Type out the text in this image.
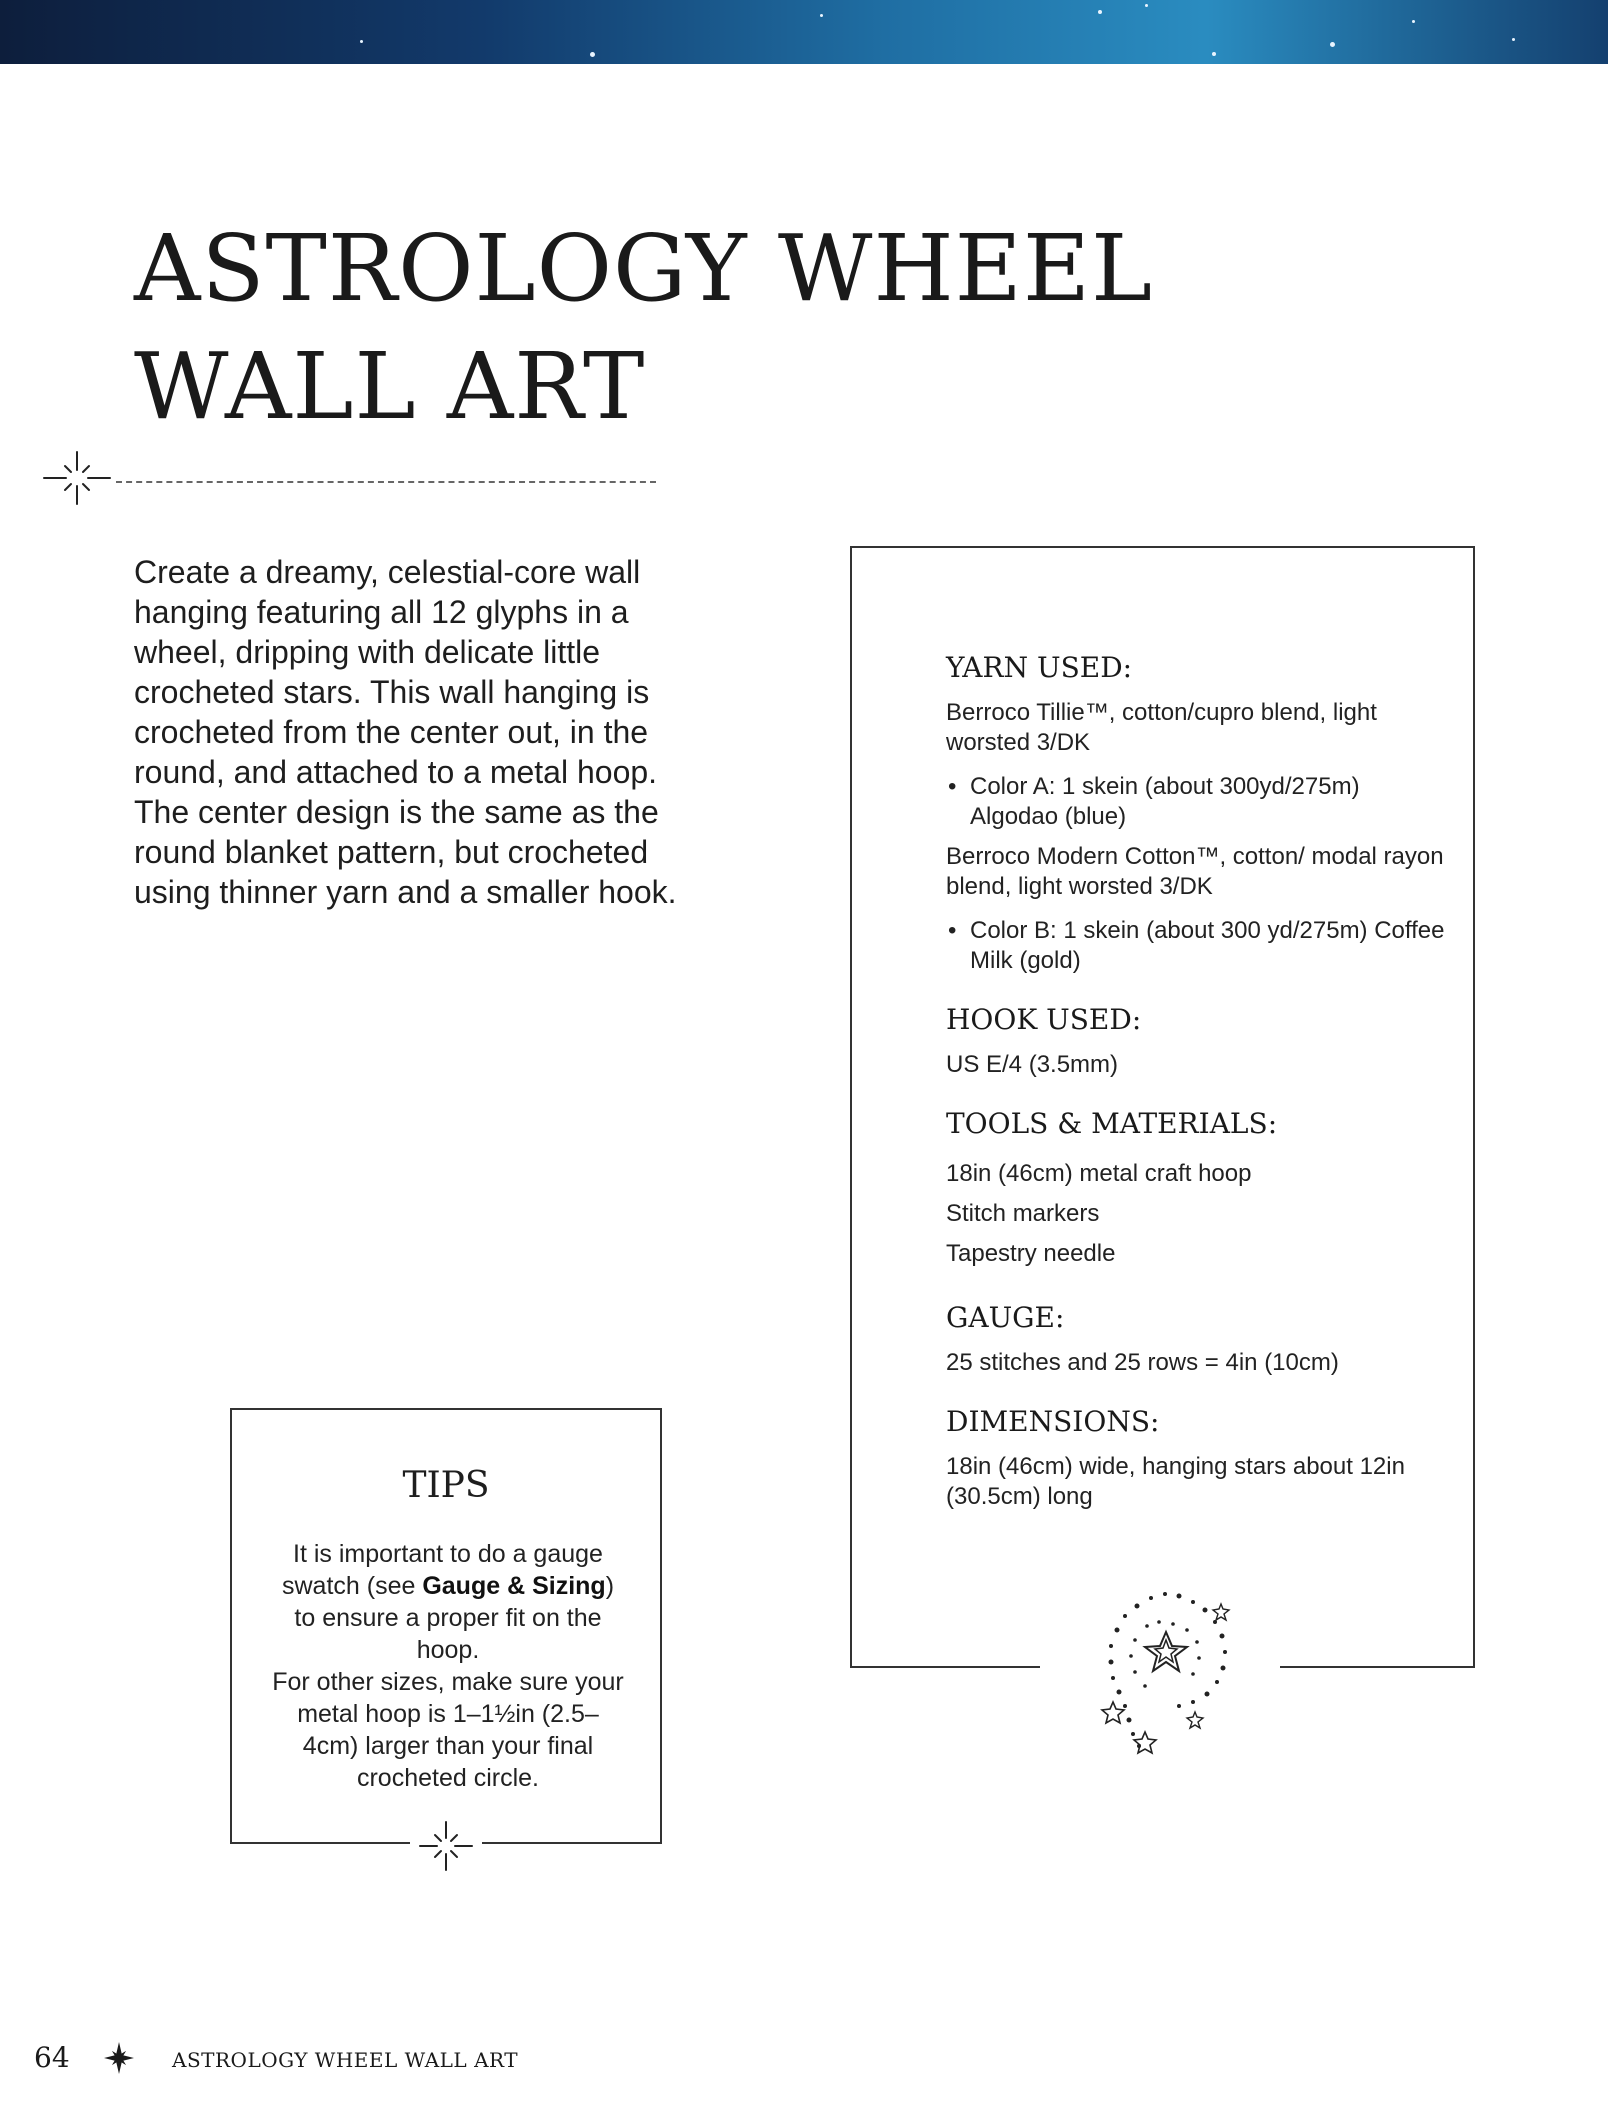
ASTROLOGY WHEEL
WALL ART

Create a dreamy, celestial-core wall hanging featuring all 12 glyphs in a wheel, dripping with delicate little crocheted stars. This wall hanging is crocheted from the center out, in the round, and attached to a metal hoop. The center design is the same as the round blanket pattern, but crocheted using thinner yarn and a smaller hook.

TIPS

It is important to do a gauge swatch (see Gauge & Sizing) to ensure a proper fit on the hoop.

For other sizes, make sure your metal hoop is 1–1½in (2.5–4cm) larger than your final crocheted circle.

YARN USED:

Berroco Tillie™, cotton/cupro blend, light worsted 3/DK

• Color A: 1 skein (about 300yd/275m) Algodao (blue)

Berroco Modern Cotton™, cotton/ modal rayon blend, light worsted 3/DK

• Color B: 1 skein (about 300 yd/275m) Coffee Milk (gold)
HOOK USED:

US E/4 (3.5mm)

TOOLS & MATERIALS:

18in (46cm) metal craft hoop

Stitch markers

Tapestry needle

GAUGE:

25 stitches and 25 rows = 4in (10cm)

DIMENSIONS:

18in (46cm) wide, hanging stars about 12in (30.5cm) long

64	ASTROLOGY WHEEL WALL ART
